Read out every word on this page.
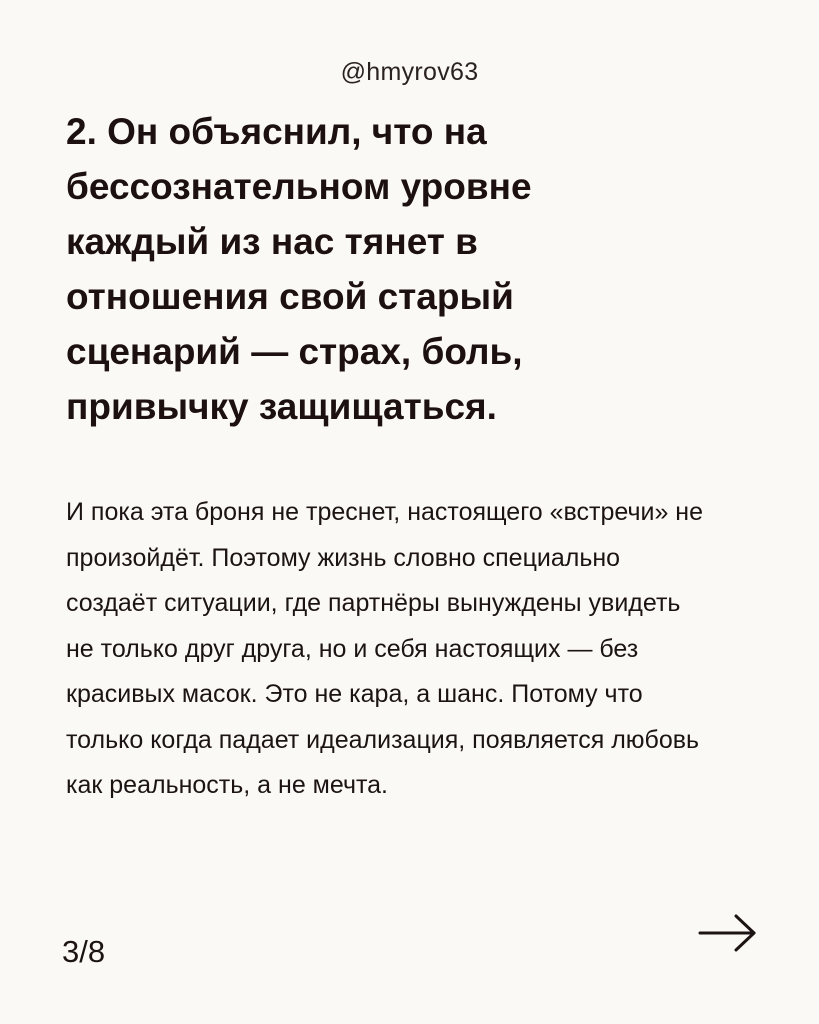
@hmyrov63
2. Он объяснил, что на бессознательном уровне каждый из нас тянет в отношения свой старый сценарий — страх, боль, привычку защищаться.

И пока эта броня не треснет, настоящего «встречи» не произойдёт. Поэтому жизнь словно специально создаёт ситуации, где партнёры вынуждены увидеть не только друг друга, но и себя настоящих — без красивых масок. Это не кара, а шанс. Потому что только когда падает идеализация, появляется любовь как реальность, а не мечта.

3/8
